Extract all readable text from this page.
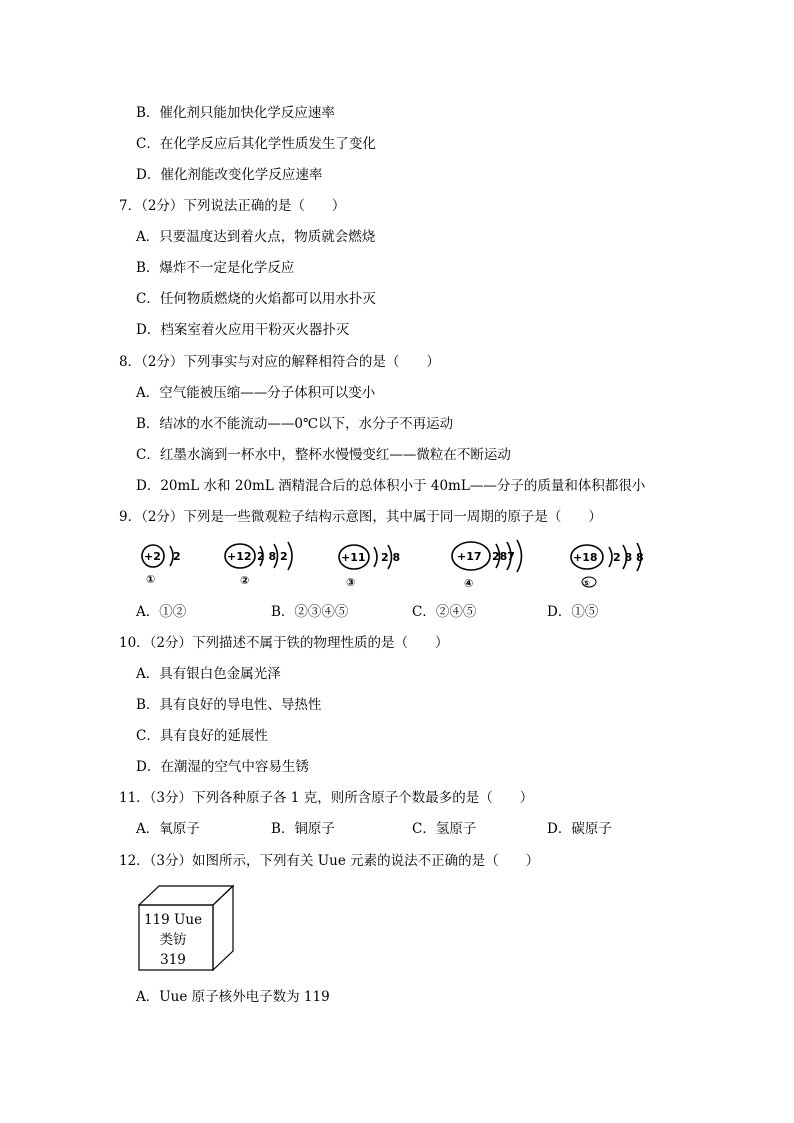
B．催化剂只能加快化学反应速率
C．在化学反应后其化学性质发生了变化
D．催化剂能改变化学反应速率
7．（2分）下列说法正确的是（　　）
A．只要温度达到着火点，物质就会燃烧
B．爆炸不一定是化学反应
C．任何物质燃烧的火焰都可以用水扑灭
D．档案室着火应用干粉灭火器扑灭
8．（2分）下列事实与对应的解释相符合的是（　　）
A．空气能被压缩——分子体积可以变小
B．结冰的水不能流动——0℃以下，水分子不再运动
C．红墨水滴到一杯水中，整杯水慢慢变红——微粒在不断运动
D．20mL 水和 20mL 酒精混合后的总体积小于 40mL——分子的质量和体积都很小
9．（2分）下列是一些微观粒子结构示意图，其中属于同一周期的原子是（　　）
+2 2
①
+12 2 8 2
②
+11 2 8
③
+17 287
④
+18 2 8 8
⑤
A．①②	B．②③④⑤	C．②④⑤	D．①⑤
10．（2分）下列描述不属于铁的物理性质的是（　　）
A．具有银白色金属光泽
B．具有良好的导电性、导热性
C．具有良好的延展性
D．在潮湿的空气中容易生锈
11．（3分）下列各种原子各 1 克，则所含原子个数最多的是（　　）
A．氧原子	B．铜原子	C．氢原子	D．碳原子
12．（3分）如图所示，下列有关 Uue 元素的说法不正确的是（　　）
119 Uue
类钫
319
A．Uue 原子核外电子数为 119
